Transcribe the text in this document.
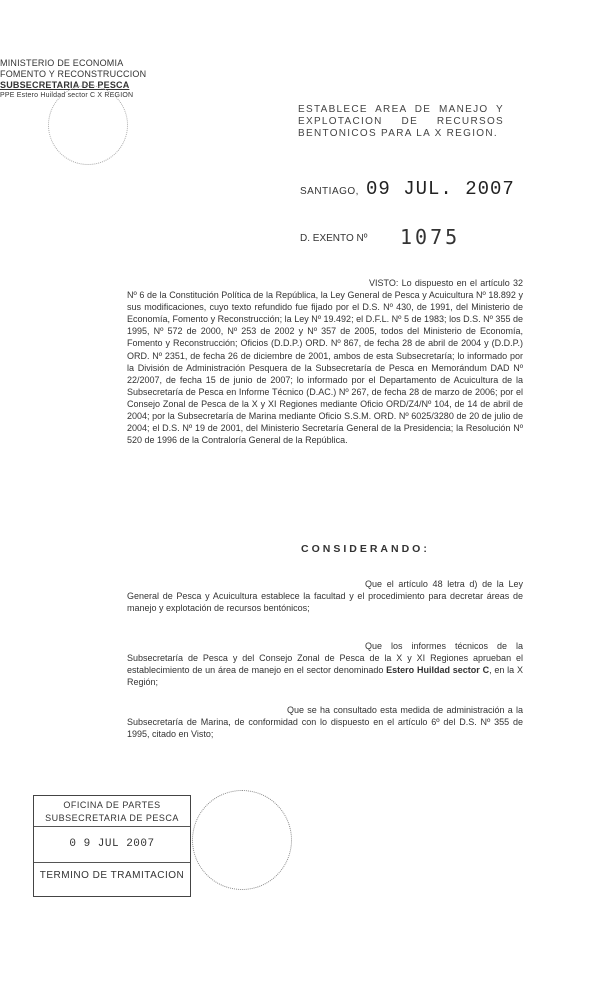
MINISTERIO DE ECONOMIA
FOMENTO Y RECONSTRUCCION
SUBSECRETARIA DE PESCA
PPE Estero Huildad sector C X REGION
ESTABLECE AREA DE MANEJO Y EXPLOTACION DE RECURSOS BENTONICOS PARA LA X REGION.
SANTIAGO, 09 JUL. 2007
D. EXENTO Nº 1075
VISTO: Lo dispuesto en el artículo 32 Nº 6 de la Constitución Política de la República, la Ley General de Pesca y Acuicultura Nº 18.892 y sus modificaciones, cuyo texto refundido fue fijado por el D.S. Nº 430, de 1991, del Ministerio de Economía, Fomento y Reconstrucción; la Ley Nº 19.492; el D.F.L. Nº 5 de 1983; los D.S. Nº 355 de 1995, Nº 572 de 2000, Nº 253 de 2002 y Nº 357 de 2005, todos del Ministerio de Economía, Fomento y Reconstrucción; Oficios (D.D.P.) ORD. Nº 867, de fecha 28 de abril de 2004 y (D.D.P.) ORD. Nº 2351, de fecha 26 de diciembre de 2001, ambos de esta Subsecretaría; lo informado por la División de Administración Pesquera de la Subsecretaría de Pesca en Memorándum DAD Nº 22/2007, de fecha 15 de junio de 2007; lo informado por el Departamento de Acuicultura de la Subsecretaría de Pesca en Informe Técnico (D.AC.) Nº 267, de fecha 28 de marzo de 2006; por el Consejo Zonal de Pesca de la X y XI Regiones mediante Oficio ORD/Z4/Nº 104, de 14 de abril de 2004; por la Subsecretaría de Marina mediante Oficio S.S.M. ORD. Nº 6025/3280 de 20 de julio de 2004; el D.S. Nº 19 de 2001, del Ministerio Secretaría General de la Presidencia; la Resolución Nº 520 de 1996 de la Contraloría General de la República.
CONSIDERANDO:
Que el artículo 48 letra d) de la Ley General de Pesca y Acuicultura establece la facultad y el procedimiento para decretar áreas de manejo y explotación de recursos bentónicos;
Que los informes técnicos de la Subsecretaría de Pesca y del Consejo Zonal de Pesca de la X y XI Regiones aprueban el establecimiento de un área de manejo en el sector denominado Estero Huildad sector C, en la X Región;
Que se ha consultado esta medida de administración a la Subsecretaría de Marina, de conformidad con lo dispuesto en el artículo 6º del D.S. Nº 355 de 1995, citado en Visto;
OFICINA DE PARTES
SUBSECRETARIA DE PESCA
0 9 JUL 2007
TERMINO DE TRAMITACION
